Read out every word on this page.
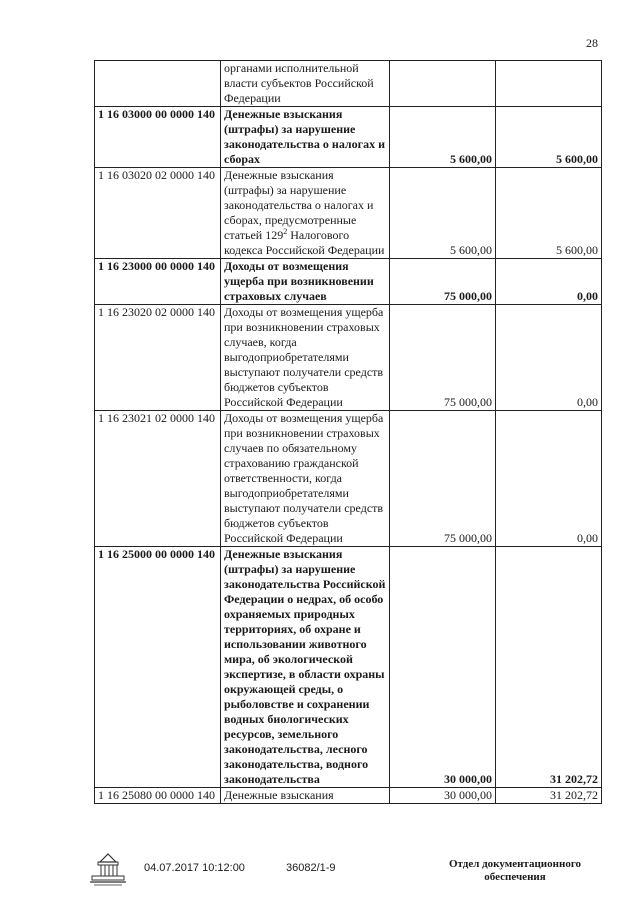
28
	органами исполнительной власти субъектов Российской Федерации		
1 16 03000 00 0000 140	Денежные взыскания (штрафы) за нарушение законодательства о налогах и сборах	5 600,00	5 600,00
1 16 03020 02 0000 140	Денежные взыскания (штрафы) за нарушение законодательства о налогах и сборах, предусмотренные статьей $129^2$ Налогового кодекса Российской Федерации	5 600,00	5 600,00
1 16 23000 00 0000 140	Доходы от возмещения ущерба при возникновении страховых случаев	75 000,00	0,00
1 16 23020 02 0000 140	Доходы от возмещения ущерба при возникновении страховых случаев, когда выгодоприобретателями выступают получатели средств бюджетов субъектов Российской Федерации	75 000,00	0,00
1 16 23021 02 0000 140	Доходы от возмещения ущерба при возникновении страховых случаев по обязательному страхованию гражданской ответственности, когда выгодоприобретателями выступают получатели средств бюджетов субъектов Российской Федерации	75 000,00	0,00
1 16 25000 00 0000 140	Денежные взыскания (штрафы) за нарушение законодательства Российской Федерации о недрах, об особо охраняемых природных территориях, об охране и использовании животного мира, об экологической экспертизе, в области охраны окружающей среды, о рыболовстве и сохранении водных биологических ресурсов, земельного законодательства, лесного законодательства, водного законодательства	30 000,00	31 202,72
1 16 25080 00 0000 140	Денежные взыскания	30 000,00	31 202,72
04.07.2017 10:12:00	36082/1-9	Отдел документационного обеспечения
